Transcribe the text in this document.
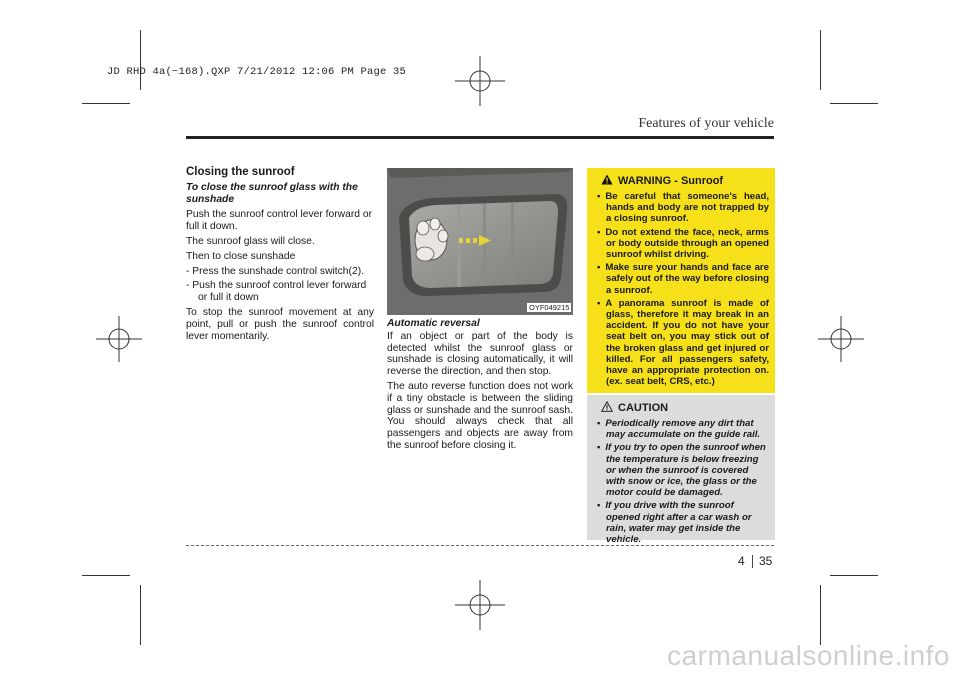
JD RHD 4a(~168).QXP 7/21/2012 12:06 PM Page 35
Features of your vehicle
Closing the sunroof
To close the sunroof glass with the sunshade

Push the sunroof control lever forward or full it down.

The sunroof glass will close.

Then to close sunshade

- Press the sunshade control switch(2).
- Push the sunroof control lever forward or full it down

To stop the sunroof movement at any point, pull or push the sunroof control lever momentarily.

OYF049215
Automatic reversal

If an object or part of the body is detected whilst the sunroof glass or sunshade is closing automatically, it will reverse the direction, and then stop.

The auto reverse function does not work if a tiny obstacle is between the sliding glass or sunshade and the sunroof sash. You should always check that all passengers and objects are away from the sunroof before closing it.

WARNING - Sunroof
• Be careful that someone's head, hands and body are not trapped by a closing sunroof.
• Do not extend the face, neck, arms or body outside through an opened sunroof whilst driving.
• Make sure your hands and face are safely out of the way before closing a sunroof.
• A panorama sunroof is made of glass, therefore it may break in an accident. If you do not have your seat belt on, you may stick out of the broken glass and get injured or killed. For all passengers safety, have an appropriate protection on. (ex. seat belt, CRS, etc.)
CAUTION
• Periodically remove any dirt that may accumulate on the guide rail.
• If you try to open the sunroof when the temperature is below freezing or when the sunroof is covered with snow or ice, the glass or the motor could be damaged.
• If you drive with the sunroof opened right after a car wash or rain, water may get inside the vehicle.
4 35
carmanualsonline.info
